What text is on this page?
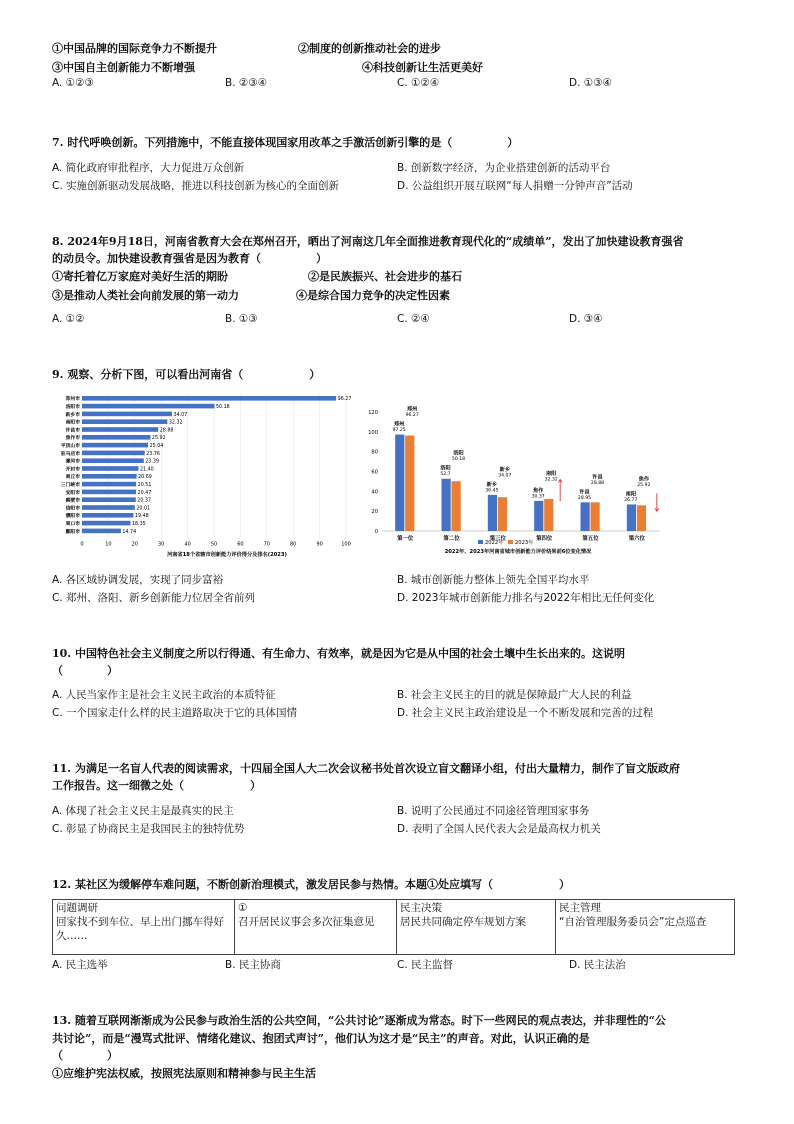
①中国品牌的国际竞争力不断提升	②制度的创新推动社会的进步
③中国自主创新能力不断增强	④科技创新让生活更美好
A. ①②③	B. ②③④	C. ①②④	D. ①③④
7. 时代呼唤创新。下列措施中，不能直接体现国家用改革之手激活创新引擎的是（　　　　　）
A. 简化政府审批程序，大力促进万众创新	B. 创新数字经济，为企业搭建创新的活动平台
C. 实施创新驱动发展战略，推进以科技创新为核心的全面创新	D. 公益组织开展互联网“每人捐赠一分钟声音”活动
8. 2024年9月18日，河南省教育大会在郑州召开，晒出了河南这几年全面推进教育现代化的“成绩单”，发出了加快建设教育强省
的动员令。加快建设教育强省是因为教育（　　　　　）
①寄托着亿万家庭对美好生活的期盼	②是民族振兴、社会进步的基石
③是推动人类社会向前发展的第一动力	④是综合国力竞争的决定性因素
A. ①②	B. ①③	C. ②④	D. ③④
9. 观察、分析下图，可以看出河南省（　　　　　　）
郑州市
洛阳市
新乡市
南阳市
许昌市
焦作市
平顶山市
驻马店市
漯河市
开封市
商丘市
三门峡市
安阳市
鹤壁市
信阳市
濮阳市
周口市
鄞阳市
96.27
50.18
34.07
32.32
28.88
25.92
25.04
23.76
23.39
21.40
20.69
20.51
20.47
20.37
20.01
19.48
18.35
14.74
0	10	20	30	40	50	60	70	80	90	100
河南省18个省辖市创新能力评价得分及排名(2023)
0
20
40
60
80
100
120
第一位	第二位	第三位	第四位	第五位	第六位
郑州
97.25
郑州
96.27
洛阳
52.7
洛阳
50.18
新乡
36.45
新乡
34.07
焦作
30.37
南阳
32.32
许昌
28.95
许昌
28.88
南阳
26.77
焦作
25.92
2022年 2023年
2022年、2023年河南省城市创新能力评价结果前6位变化情况
A. 各区域协调发展，实现了同步富裕	B. 城市创新能力整体上领先全国平均水平
C. 郑州、洛阳、新乡创新能力位居全省前列	D. 2023年城市创新能力排名与2022年相比无任何变化
10. 中国特色社会主义制度之所以行得通、有生命力、有效率，就是因为它是从中国的社会土壤中生长出来的。这说明
（　　　　）
A. 人民当家作主是社会主义民主政治的本质特征	B. 社会主义民主的目的就是保障最广大人民的利益
C. 一个国家走什么样的民主道路取决于它的具体国情	D. 社会主义民主政治建设是一个不断发展和完善的过程
11. 为满足一名盲人代表的阅读需求，十四届全国人大二次会议秘书处首次设立盲文翻译小组，付出大量精力，制作了盲文版政府
工作报告。这一细微之处（　　　　　　）
A. 体现了社会主义民主是最真实的民主	B. 说明了公民通过不同途径管理国家事务
C. 彰显了协商民主是我国民主的独特优势	D. 表明了全国人民代表大会是最高权力机关
12. 某社区为缓解停车难问题，不断创新治理模式，激发居民参与热情。本题①处应填写（　　　　　　）
问题调研
回家找不到车位、早上出门挪车得好久……

①
召开居民议事会多次征集意见

民主决策
居民共同确定停车规划方案

民主管理
“自治管理服务委员会”定点巡查
A. 民主选举	B. 民主协商	C. 民主监督	D. 民主法治
13. 随着互联网渐渐成为公民参与政治生活的公共空间，“公共讨论”逐渐成为常态。时下一些网民的观点表达，并非理性的“公
共讨论”，而是“漫骂式批评、情绪化建议、抱团式声讨”，他们认为这才是“民主”的声音。对此，认识正确的是
（　　　　）
①应维护宪法权威，按照宪法原则和精神参与民主生活
